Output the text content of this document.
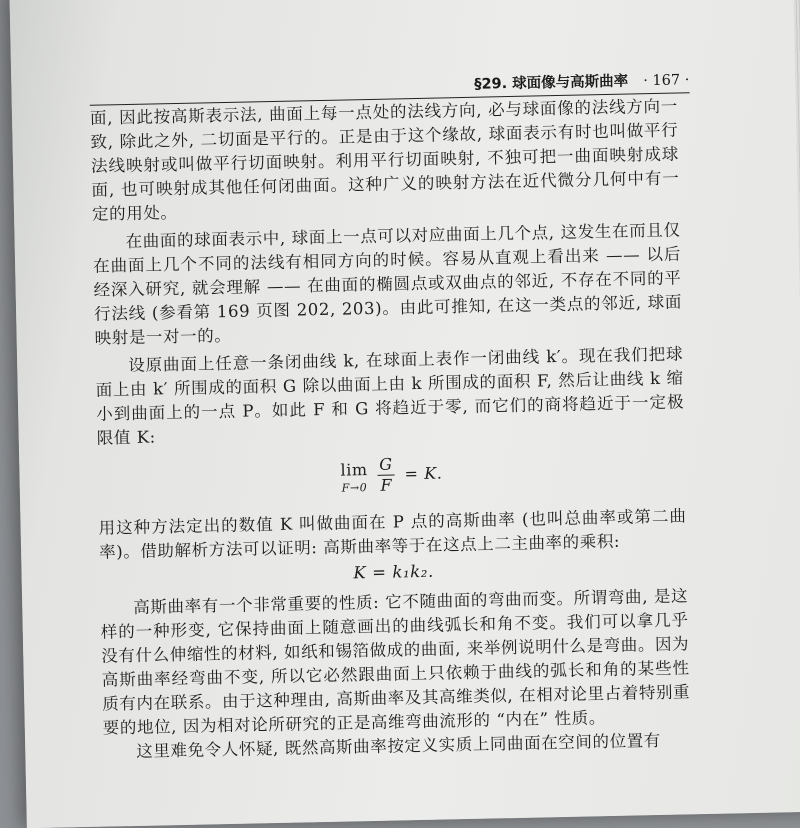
§29. 球面像与高斯曲率 · 167 ·

面, 因此按高斯表示法, 曲面上每一点处的法线方向, 必与球面像的法线方向一致, 除此之外, 二切面是平行的。正是由于这个缘故, 球面表示有时也叫做平行法线映射或叫做平行切面映射。利用平行切面映射, 不独可把一曲面映射成球面, 也可映射成其他任何闭曲面。这种广义的映射方法在近代微分几何中有一定的用处。

在曲面的球面表示中, 球面上一点可以对应曲面上几个点, 这发生在而且仅在曲面上几个不同的法线有相同方向的时候。容易从直观上看出来 —— 以后经深入研究, 就会理解 —— 在曲面的椭圆点或双曲点的邻近, 不存在不同的平行法线 (参看第 169 页图 202, 203)。由此可推知, 在这一类点的邻近, 球面映射是一对一的。

设原曲面上任意一条闭曲线 k, 在球面上表作一闭曲线 k′。现在我们把球面上由 k′ 所围成的面积 G 除以曲面上由 k 所围成的面积 F, 然后让曲线 k 缩小到曲面上的一点 P。如此 F 和 G 将趋近于零, 而它们的商将趋近于一定极限值 K:

lim
F→0
$\frac{G}{F} = K$.

用这种方法定出的数值 K 叫做曲面在 P 点的高斯曲率 (也叫总曲率或第二曲率)。借助解析方法可以证明: 高斯曲率等于在这点上二主曲率的乘积:

K = k₁k₂.

高斯曲率有一个非常重要的性质: 它不随曲面的弯曲而变。所谓弯曲, 是这样的一种形变, 它保持曲面上随意画出的曲线弧长和角不变。我们可以拿几乎没有什么伸缩性的材料, 如纸和锡箔做成的曲面, 来举例说明什么是弯曲。因为高斯曲率经弯曲不变, 所以它必然跟曲面上只依赖于曲线的弧长和角的某些性质有内在联系。由于这种理由, 高斯曲率及其高维类似, 在相对论里占着特别重要的地位, 因为相对论所研究的正是高维弯曲流形的 “内在” 性质。

这里难免令人怀疑, 既然高斯曲率按定义实质上同曲面在空间的位置有
